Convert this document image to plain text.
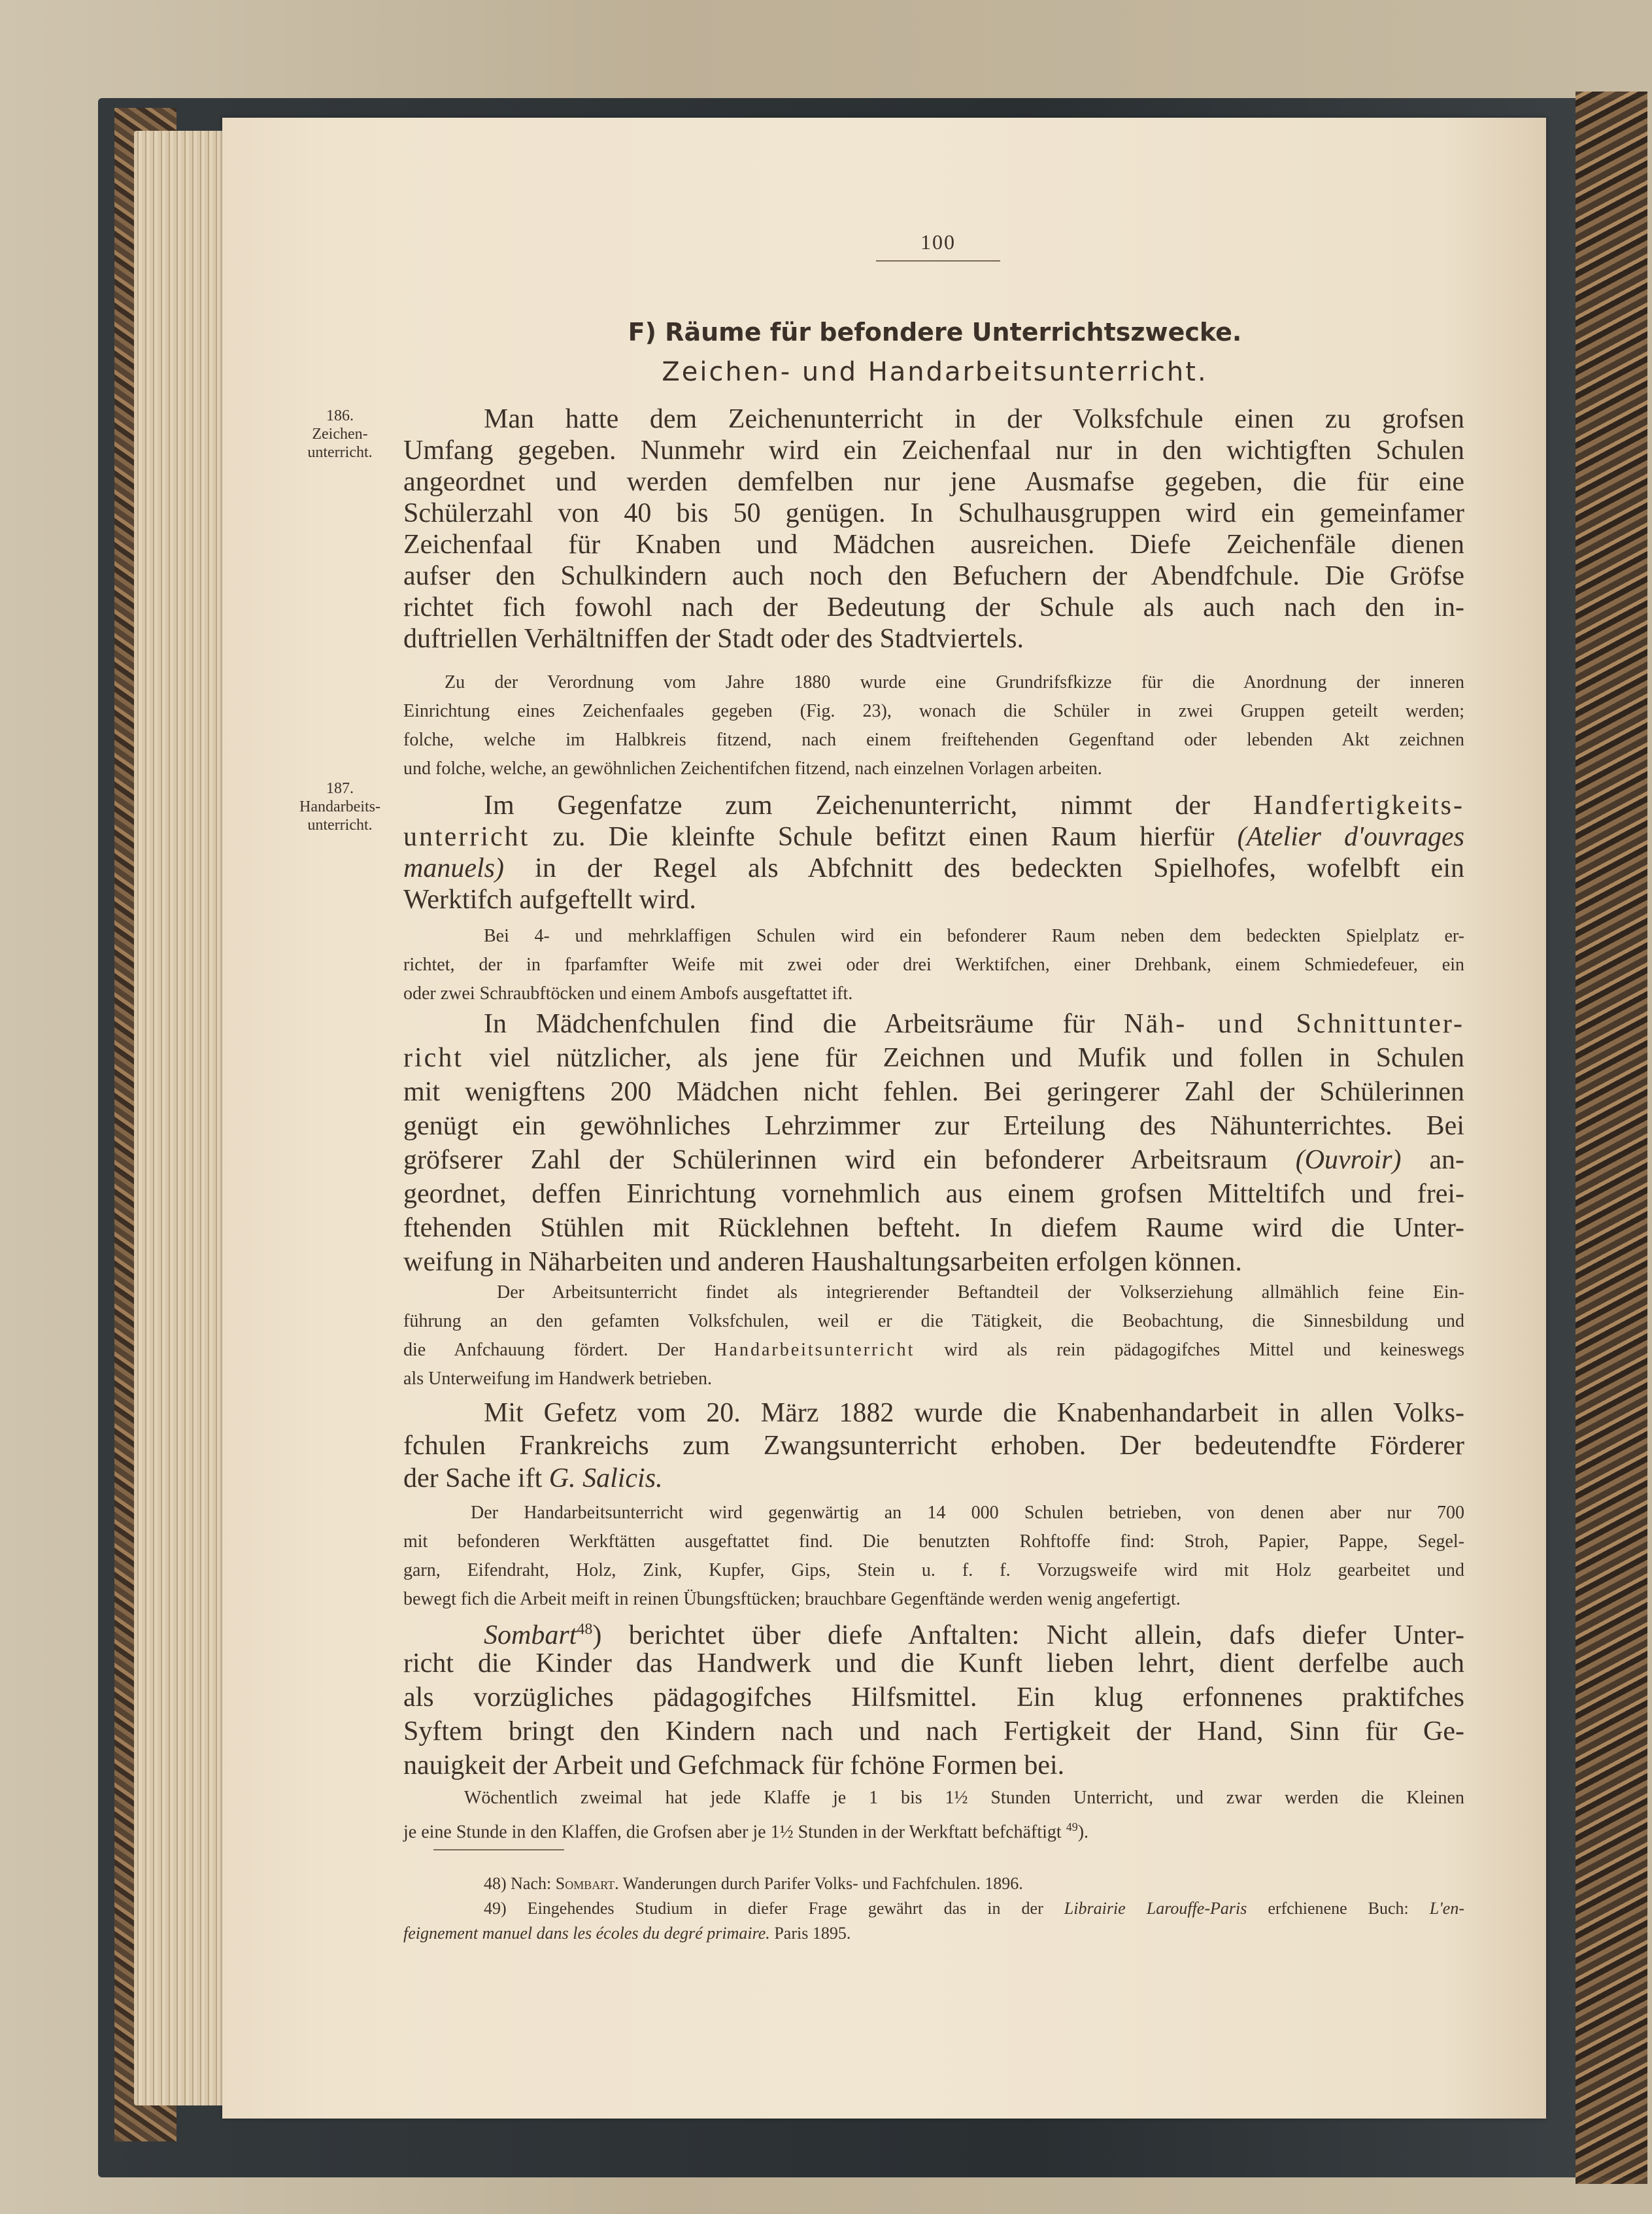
100
F) Räume für befondere Unterrichtszwecke.
Zeichen- und Handarbeitsunterricht.
186.
Zeichen-
unterricht.
187.
Handarbeits-
unterricht.
Man hatte dem Zeichenunterricht in der Volksfchule einen zu grofsen
Umfang gegeben. Nunmehr wird ein Zeichenfaal nur in den wichtigften Schulen
angeordnet und werden demfelben nur jene Ausmafse gegeben, die für eine
Schülerzahl von 40 bis 50 genügen. In Schulhausgruppen wird ein gemeinfamer
Zeichenfaal für Knaben und Mädchen ausreichen. Diefe Zeichenfäle dienen
aufser den Schulkindern auch noch den Befuchern der Abendfchule. Die Gröfse
richtet fich fowohl nach der Bedeutung der Schule als auch nach den in-
duftriellen Verhältniffen der Stadt oder des Stadtviertels.
Zu der Verordnung vom Jahre 1880 wurde eine Grundrifsfkizze für die Anordnung der inneren
Einrichtung eines Zeichenfaales gegeben (Fig. 23), wonach die Schüler in zwei Gruppen geteilt werden;
folche, welche im Halbkreis fitzend, nach einem freiftehenden Gegenftand oder lebenden Akt zeichnen
und folche, welche, an gewöhnlichen Zeichentifchen fitzend, nach einzelnen Vorlagen arbeiten.
Im Gegenfatze zum Zeichenunterricht, nimmt der Handfertigkeits-
unterricht zu. Die kleinfte Schule befitzt einen Raum hierfür (Atelier d'ouvrages
manuels) in der Regel als Abfchnitt des bedeckten Spielhofes, wofelbft ein
Werktifch aufgeftellt wird.
Bei 4- und mehrklaffigen Schulen wird ein befonderer Raum neben dem bedeckten Spielplatz er-
richtet, der in fparfamfter Weife mit zwei oder drei Werktifchen, einer Drehbank, einem Schmiedefeuer, ein
oder zwei Schraubftöcken und einem Ambofs ausgeftattet ift.
In Mädchenfchulen find die Arbeitsräume für Näh- und Schnittunter-
richt viel nützlicher, als jene für Zeichnen und Mufik und follen in Schulen
mit wenigftens 200 Mädchen nicht fehlen. Bei geringerer Zahl der Schülerinnen
genügt ein gewöhnliches Lehrzimmer zur Erteilung des Nähunterrichtes. Bei
gröfserer Zahl der Schülerinnen wird ein befonderer Arbeitsraum (Ouvroir) an-
geordnet, deffen Einrichtung vornehmlich aus einem grofsen Mitteltifch und frei-
ftehenden Stühlen mit Rücklehnen befteht. In diefem Raume wird die Unter-
weifung in Näharbeiten und anderen Haushaltungsarbeiten erfolgen können.
Der Arbeitsunterricht findet als integrierender Beftandteil der Volkserziehung allmählich feine Ein-
führung an den gefamten Volksfchulen, weil er die Tätigkeit, die Beobachtung, die Sinnesbildung und
die Anfchauung fördert. Der Handarbeitsunterricht wird als rein pädagogifches Mittel und keineswegs
als Unterweifung im Handwerk betrieben.
Mit Gefetz vom 20. März 1882 wurde die Knabenhandarbeit in allen Volks-
fchulen Frankreichs zum Zwangsunterricht erhoben. Der bedeutendfte Förderer
der Sache ift G. Salicis.
Der Handarbeitsunterricht wird gegenwärtig an 14 000 Schulen betrieben, von denen aber nur 700
mit befonderen Werkftätten ausgeftattet find. Die benutzten Rohftoffe find: Stroh, Papier, Pappe, Segel-
garn, Eifendraht, Holz, Zink, Kupfer, Gips, Stein u. f. f. Vorzugsweife wird mit Holz gearbeitet und
bewegt fich die Arbeit meift in reinen Übungsftücken; brauchbare Gegenftände werden wenig angefertigt.
Sombart$^{48}$) berichtet über diefe Anftalten: Nicht allein, dafs diefer Unter-
richt die Kinder das Handwerk und die Kunft lieben lehrt, dient derfelbe auch
als vorzügliches pädagogifches Hilfsmittel. Ein klug erfonnenes praktifches
Syftem bringt den Kindern nach und nach Fertigkeit der Hand, Sinn für Ge-
nauigkeit der Arbeit und Gefchmack für fchöne Formen bei.
Wöchentlich zweimal hat jede Klaffe je 1 bis 1½ Stunden Unterricht, und zwar werden die Kleinen
je eine Stunde in den Klaffen, die Grofsen aber je 1½ Stunden in der Werkftatt befchäftigt $^{49}$).
48) Nach: Sombart. Wanderungen durch Parifer Volks- und Fachfchulen. 1896.
49) Eingehendes Studium in diefer Frage gewährt das in der Librairie Larouffe-Paris erfchienene Buch: L'en-
feignement manuel dans les écoles du degré primaire. Paris 1895.
